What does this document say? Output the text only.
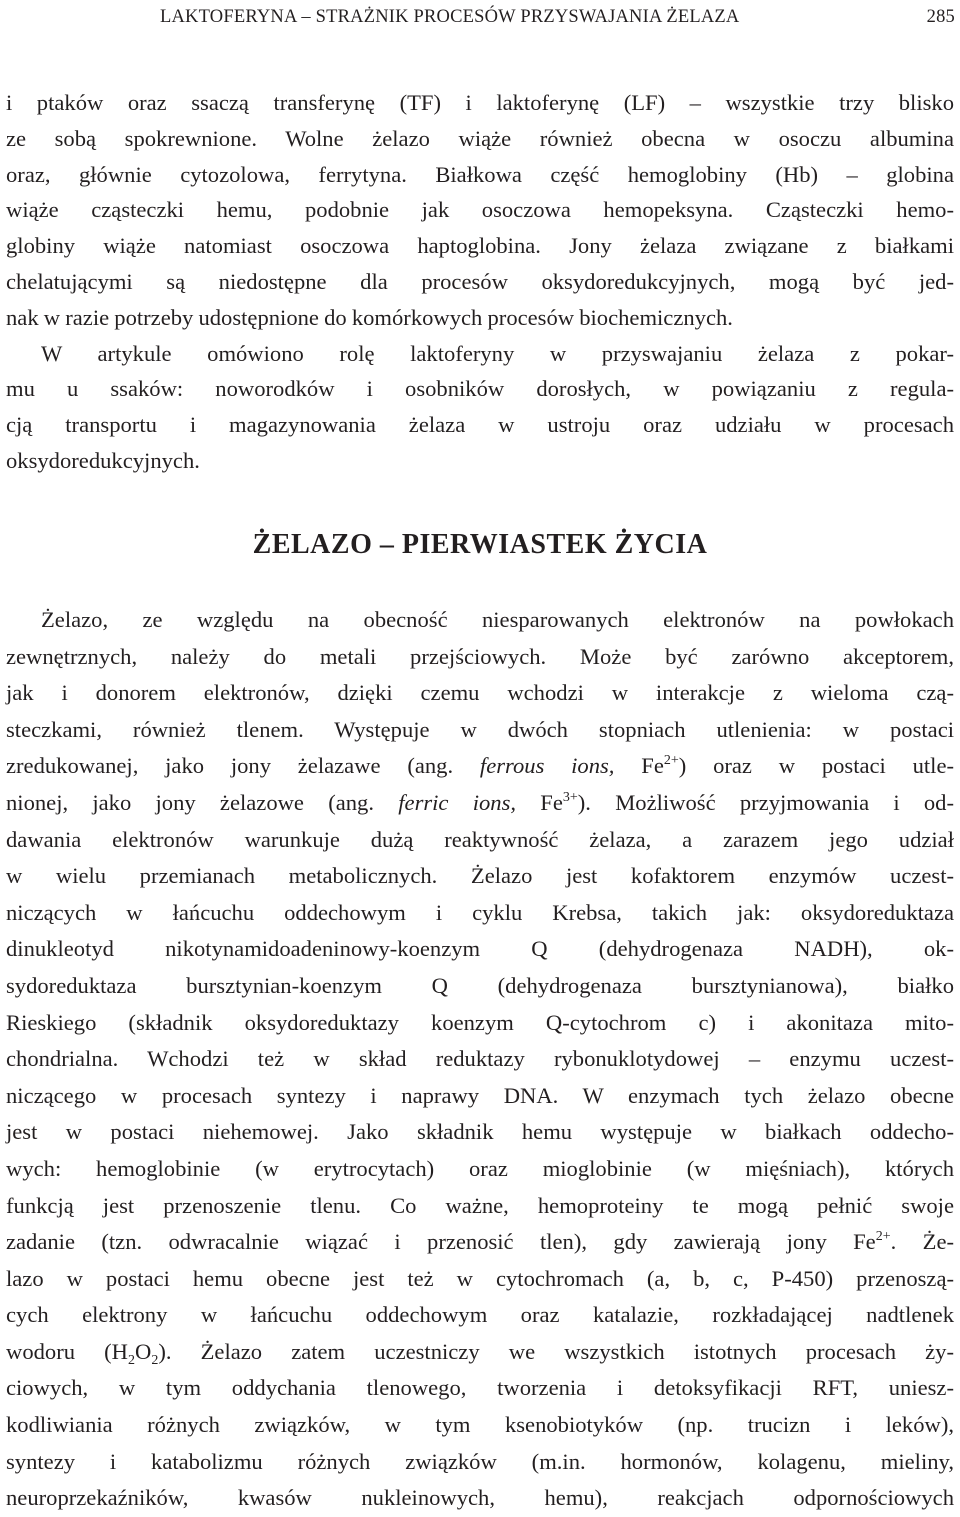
LAKTOFERYNA – STRAŻNIK PROCESÓW PRZYSWAJANIA ŻELAZA	285
i ptaków oraz ssaczą transferynę (TF) i laktoferynę (LF) – wszystkie trzy blisko
ze sobą spokrewnione. Wolne żelazo wiąże również obecna w osoczu albumina
oraz, głównie cytozolowa, ferrytyna. Białkowa część hemoglobiny (Hb) – globina
wiąże cząsteczki hemu, podobnie jak osoczowa hemopeksyna. Cząsteczki hemo-
globiny wiąże natomiast osoczowa haptoglobina. Jony żelaza związane z białkami
chelatującymi są niedostępne dla procesów oksydoredukcyjnych, mogą być jed-
nak w razie potrzeby udostępnione do komórkowych procesów biochemicznych.
W artykule omówiono rolę laktoferyny w przyswajaniu żelaza z pokar-
mu u ssaków: noworodków i osobników dorosłych, w powiązaniu z regula-
cją transportu i magazynowania żelaza w ustroju oraz udziału w procesach
oksydoredukcyjnych.
ŻELAZO – PIERWIASTEK ŻYCIA
Żelazo, ze względu na obecność niesparowanych elektronów na powłokach
zewnętrznych, należy do metali przejściowych. Może być zarówno akceptorem,
jak i donorem elektronów, dzięki czemu wchodzi w interakcje z wieloma czą-
steczkami, również tlenem. Występuje w dwóch stopniach utlenienia: w postaci
zredukowanej, jako jony żelazawe (ang. ferrous ions, $Fe^{2+}$) oraz w postaci utle-
nionej, jako jony żelazowe (ang. ferric ions, $Fe^{3+}$). Możliwość przyjmowania i od-
dawania elektronów warunkuje dużą reaktywność żelaza, a zarazem jego udział
w wielu przemianach metabolicznych. Żelazo jest kofaktorem enzymów uczest-
niczących w łańcuchu oddechowym i cyklu Krebsa, takich jak: oksydoreduktaza
dinukleotyd nikotynamidoadeninowy-koenzym Q (dehydrogenaza NADH), ok-
sydoreduktaza bursztynian-koenzym Q (dehydrogenaza bursztynianowa), białko
Rieskiego (składnik oksydoreduktazy koenzym Q-cytochrom c) i akonitaza mito-
chondrialna. Wchodzi też w skład reduktazy rybonuklotydowej – enzymu uczest-
niczącego w procesach syntezy i naprawy DNA. W enzymach tych żelazo obecne
jest w postaci niehemowej. Jako składnik hemu występuje w białkach oddecho-
wych: hemoglobinie (w erytrocytach) oraz mioglobinie (w mięśniach), których
funkcją jest przenoszenie tlenu. Co ważne, hemoproteiny te mogą pełnić swoje
zadanie (tzn. odwracalnie wiązać i przenosić tlen), gdy zawierają jony $Fe^{2+}$. Że-
lazo w postaci hemu obecne jest też w cytochromach (a, b, c, P-450) przenoszą-
cych elektrony w łańcuchu oddechowym oraz katalazie, rozkładającej nadtlenek
wodoru $(H_2O_2)$. Żelazo zatem uczestniczy we wszystkich istotnych procesach ży-
ciowych, w tym oddychania tlenowego, tworzenia i detoksyfikacji RFT, uniesz-
kodliwiania różnych związków, w tym ksenobiotyków (np. trucizn i leków),
syntezy i katabolizmu różnych związków (m.in. hormonów, kolagenu, mieliny,
neuroprzekaźników, kwasów nukleinowych, hemu), reakcjach odpornościowych
